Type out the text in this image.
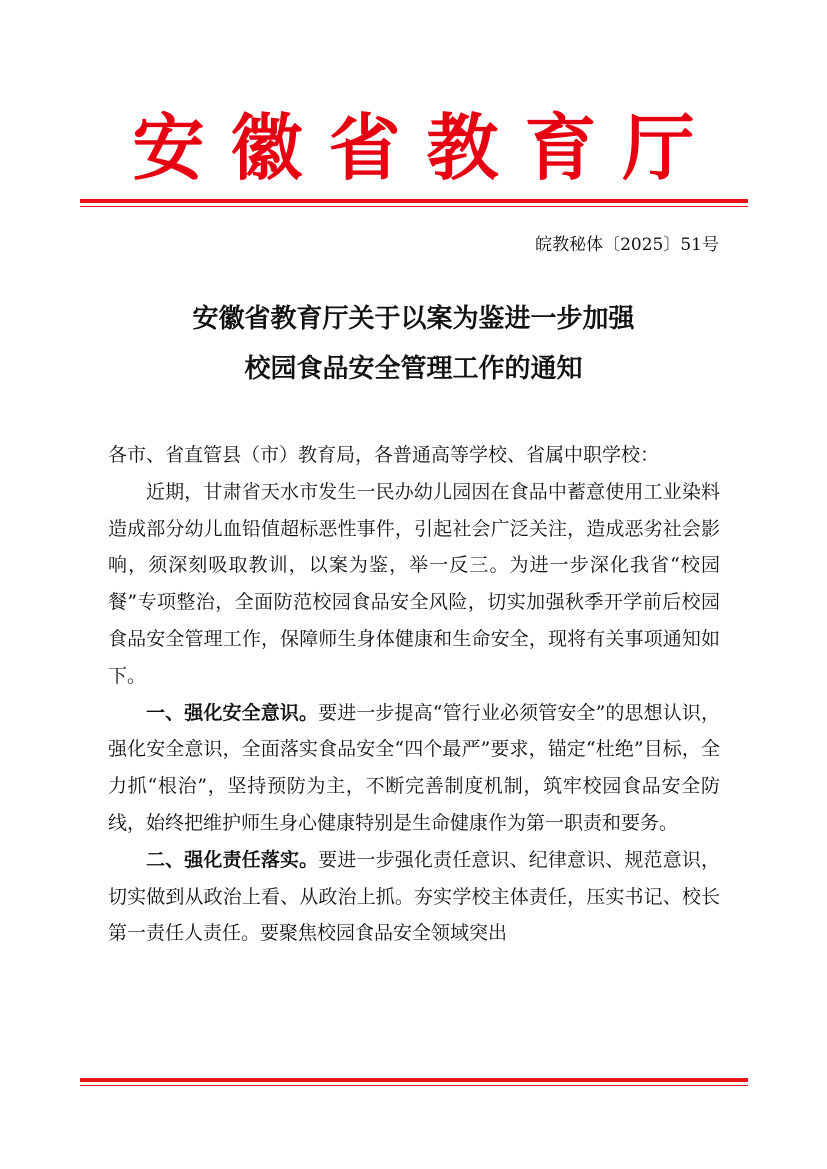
安徽省教育厅
皖教秘体〔2025〕51号
安徽省教育厅关于以案为鉴进一步加强
校园食品安全管理工作的通知

各市、省直管县（市）教育局，各普通高等学校、省属中职学校：

近期，甘肃省天水市发生一民办幼儿园因在食品中蓄意使用工业染料造成部分幼儿血铅值超标恶性事件，引起社会广泛关注，造成恶劣社会影响，须深刻吸取教训，以案为鉴，举一反三。为进一步深化我省“校园餐”专项整治，全面防范校园食品安全风险，切实加强秋季开学前后校园食品安全管理工作，保障师生身体健康和生命安全，现将有关事项通知如下。

一、强化安全意识。要进一步提高“管行业必须管安全”的思想认识，强化安全意识，全面落实食品安全“四个最严”要求，锚定“杜绝”目标，全力抓“根治”，坚持预防为主，不断完善制度机制，筑牢校园食品安全防线，始终把维护师生身心健康特别是生命健康作为第一职责和要务。

二、强化责任落实。要进一步强化责任意识、纪律意识、规范意识，切实做到从政治上看、从政治上抓。夯实学校主体责任，压实书记、校长第一责任人责任。要聚焦校园食品安全领域突出
